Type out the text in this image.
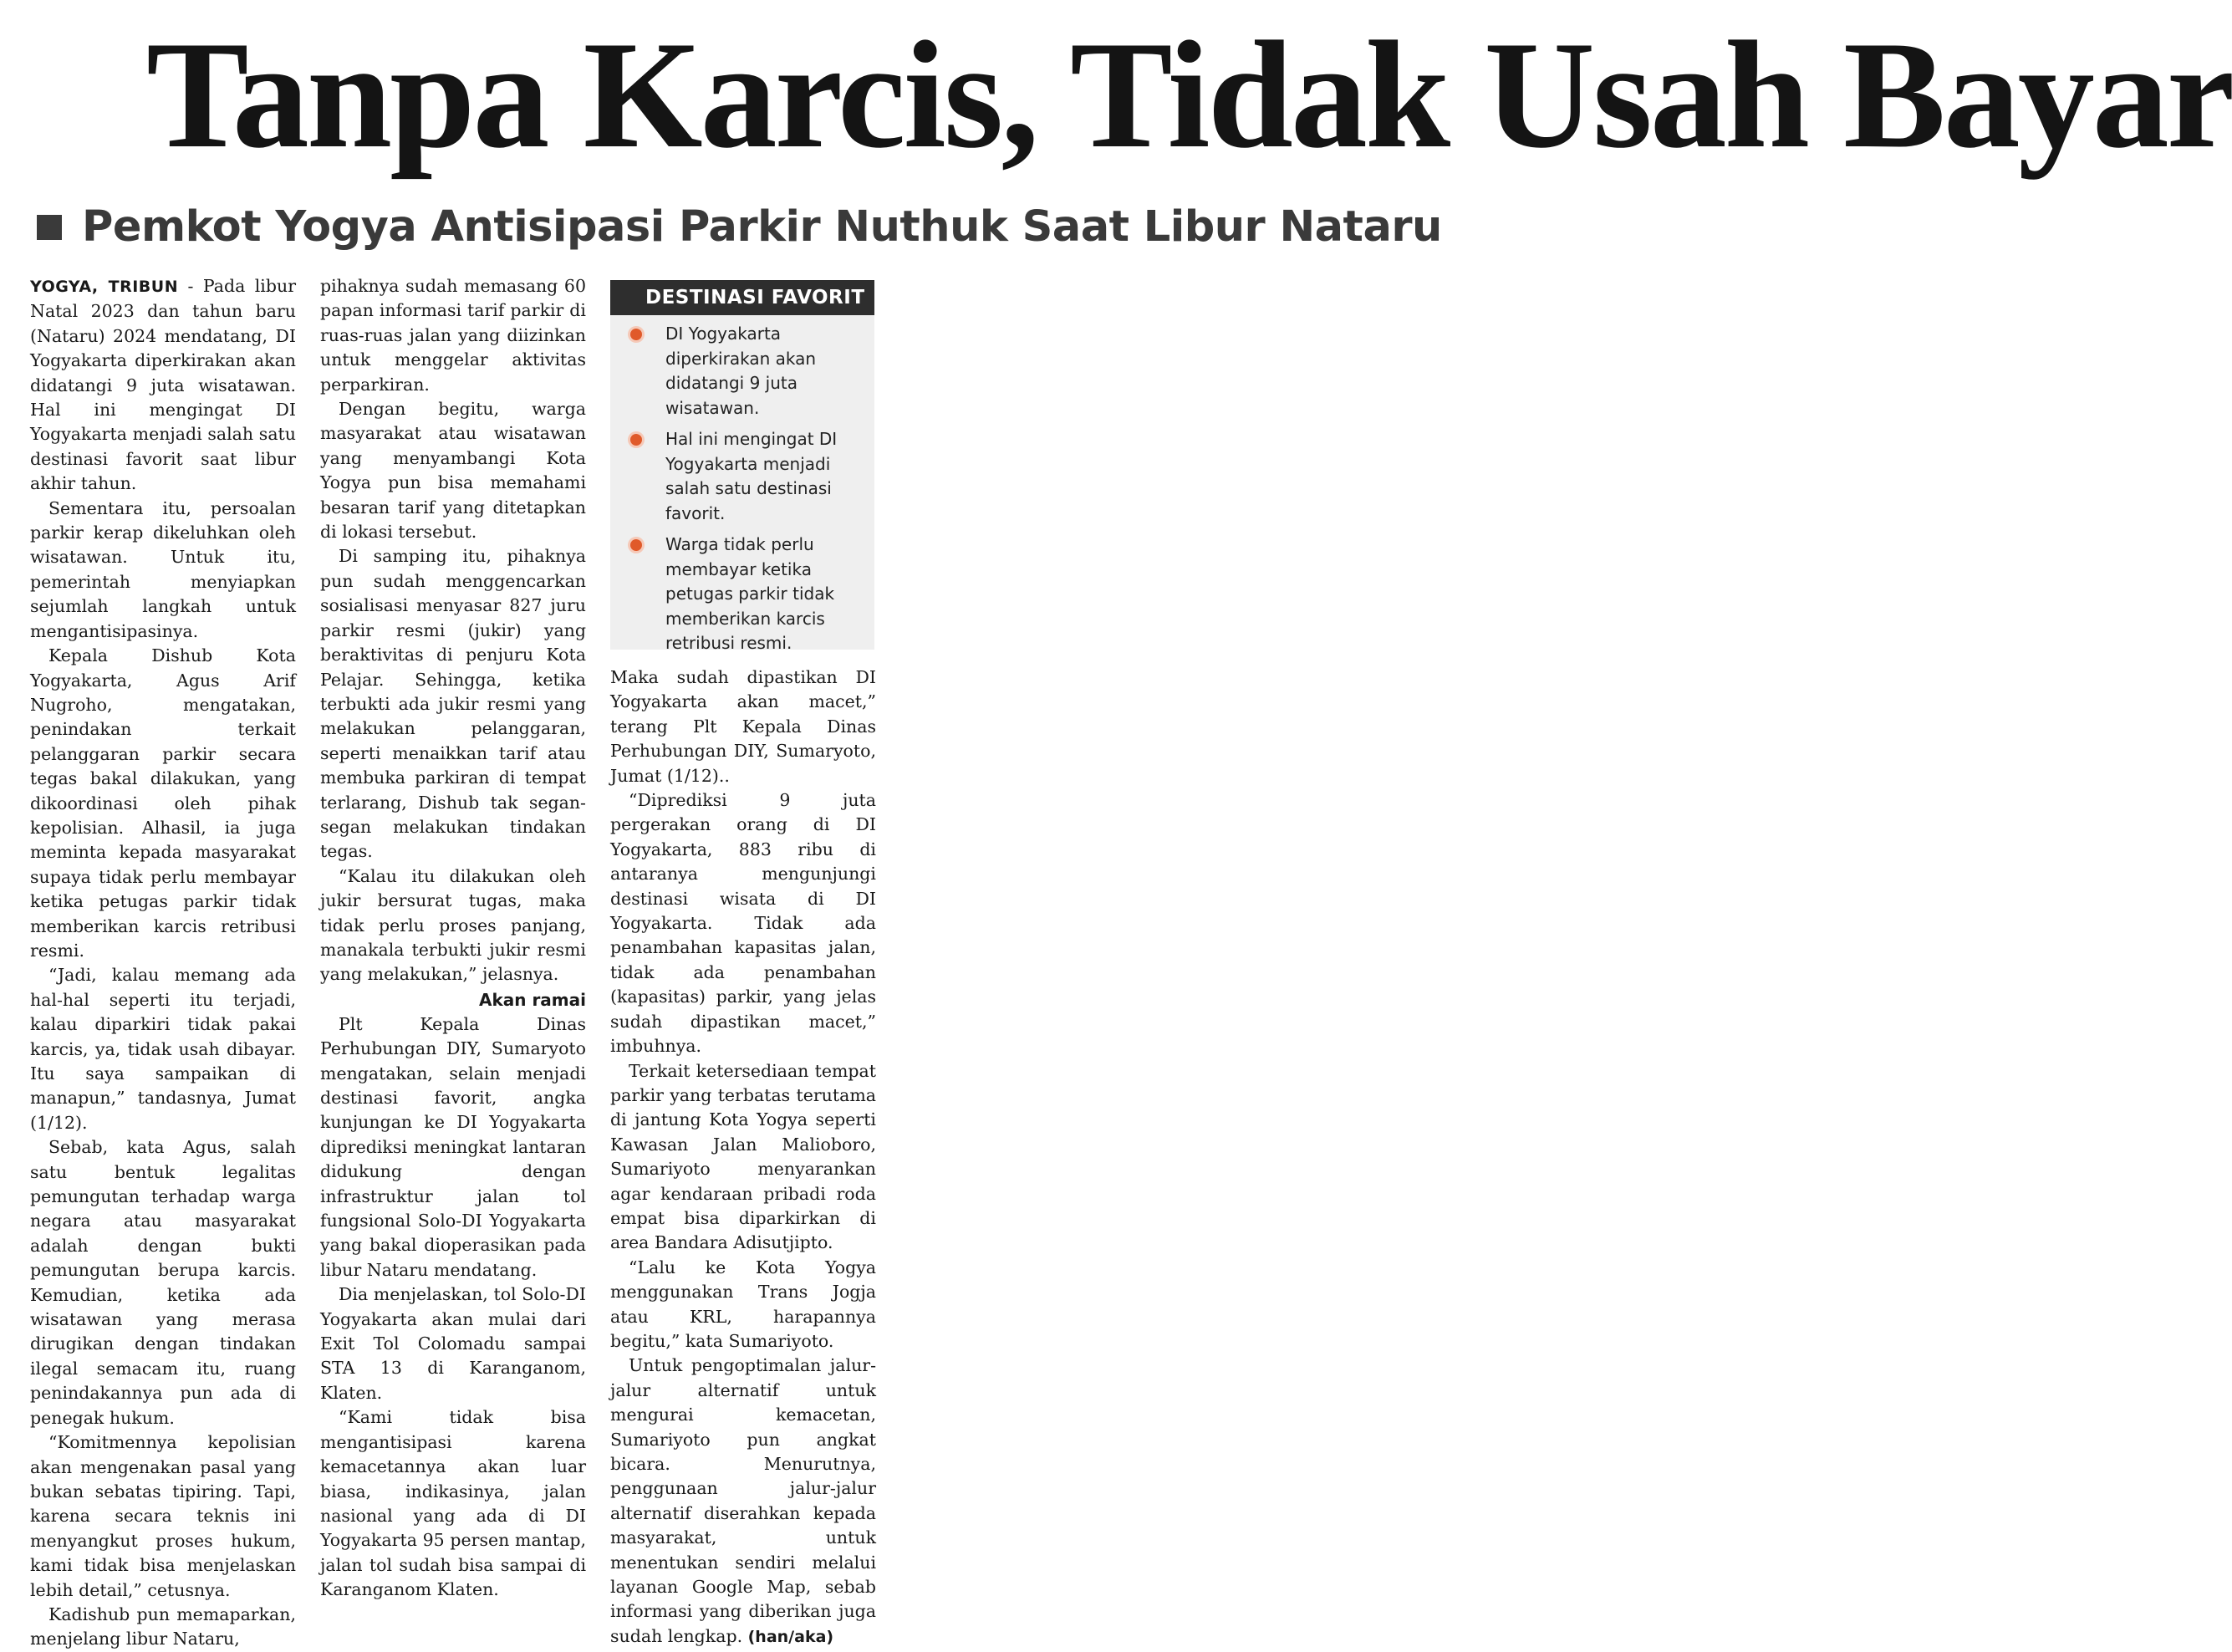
Tanpa Karcis, Tidak Usah Bayar
Pemkot Yogya Antisipasi Parkir Nuthuk Saat Libur Nataru

YOGYA, TRIBUN - Pada libur Natal 2023 dan tahun baru (Nataru) 2024 mendatang, DI Yogyakarta diperkirakan akan didatangi 9 juta wisatawan. Hal ini mengingat DI Yogyakarta menjadi salah satu destinasi favorit saat libur akhir tahun.

Sementara itu, persoalan parkir kerap dikeluhkan oleh wisatawan. Untuk itu, pemerintah menyiapkan sejumlah langkah untuk mengantisipasinya.

Kepala Dishub Kota Yogyakarta, Agus Arif Nugroho, mengatakan, penindakan terkait pelanggaran parkir secara tegas bakal dilakukan, yang dikoordinasi oleh pihak kepolisian. Alhasil, ia juga meminta kepada masyarakat supaya tidak perlu membayar ketika petugas parkir tidak memberikan karcis retribusi resmi.

“Jadi, kalau memang ada hal-hal seperti itu terjadi, kalau diparkiri tidak pakai karcis, ya, tidak usah dibayar. Itu saya sampaikan di manapun,” tandasnya, Jumat (1/12).

Sebab, kata Agus, salah satu bentuk legalitas pemungutan terhadap warga negara atau masyarakat adalah dengan bukti pemungutan berupa karcis. Kemudian, ketika ada wisatawan yang merasa dirugikan dengan tindakan ilegal semacam itu, ruang penindakannya pun ada di penegak hukum.

“Komitmennya kepolisian akan mengenakan pasal yang bukan sebatas tipiring. Tapi, karena secara teknis ini menyangkut proses hukum, kami tidak bisa menjelaskan lebih detail,” cetusnya.

Kadishub pun memaparkan, menjelang libur Nataru,

pihaknya sudah memasang 60 papan informasi tarif parkir di ruas-ruas jalan yang diizinkan untuk menggelar aktivitas perparkiran.

Dengan begitu, warga masyarakat atau wisatawan yang menyambangi Kota Yogya pun bisa memahami besaran tarif yang ditetapkan di lokasi tersebut.

Di samping itu, pihaknya pun sudah menggencarkan sosialisasi menyasar 827 juru parkir resmi (jukir) yang beraktivitas di penjuru Kota Pelajar. Sehingga, ketika terbukti ada jukir resmi yang melakukan pelanggaran, seperti menaikkan tarif atau membuka parkiran di tempat terlarang, Dishub tak segan-segan melakukan tindakan tegas.

“Kalau itu dilakukan oleh jukir bersurat tugas, maka tidak perlu proses panjang, manakala terbukti jukir resmi yang melakukan,” jelasnya.

Akan ramai

Plt Kepala Dinas Perhubungan DIY, Sumaryoto mengatakan, selain menjadi destinasi favorit, angka kunjungan ke DI Yogyakarta diprediksi meningkat lantaran didukung dengan infrastruktur jalan tol fungsional Solo-DI Yogyakarta yang bakal dioperasikan pada libur Nataru mendatang.

Dia menjelaskan, tol Solo-DI Yogyakarta akan mulai dari Exit Tol Colomadu sampai STA 13 di Karanganom, Klaten.

“Kami tidak bisa mengantisipasi karena kemacetannya akan luar biasa, indikasinya, jalan nasional yang ada di DI Yogyakarta 95 persen mantap, jalan tol sudah bisa sampai di Karanganom Klaten.

DESTINASI FAVORIT
DI Yogyakarta diperkirakan akan didatangi 9 juta wisatawan.
Hal ini mengingat DI Yogyakarta menjadi salah satu destinasi favorit.
Warga tidak perlu membayar ketika petugas parkir tidak memberikan karcis retribusi resmi.

Maka sudah dipastikan DI Yogyakarta akan macet,” terang Plt Kepala Dinas Perhubungan DIY, Sumaryoto, Jumat (1/12)..

“Diprediksi 9 juta pergerakan orang di DI Yogyakarta, 883 ribu di antaranya mengunjungi destinasi wisata di DI Yogyakarta. Tidak ada penambahan kapasitas jalan, tidak ada penambahan (kapasitas) parkir, yang jelas sudah dipastikan macet,” imbuhnya.

Terkait ketersediaan tempat parkir yang terbatas terutama di jantung Kota Yogya seperti Kawasan Jalan Malioboro, Sumariyoto menyarankan agar kendaraan pribadi roda empat bisa diparkirkan di area Bandara Adisutjipto.

“Lalu ke Kota Yogya menggunakan Trans Jogja atau KRL, harapannya begitu,” kata Sumariyoto.

Untuk pengoptimalan jalur-jalur alternatif untuk mengurai kemacetan, Sumariyoto pun angkat bicara. Menurutnya, penggunaan jalur-jalur alternatif diserahkan kepada masyarakat, untuk menentukan sendiri melalui layanan Google Map, sebab informasi yang diberikan juga sudah lengkap. (han/aka)
